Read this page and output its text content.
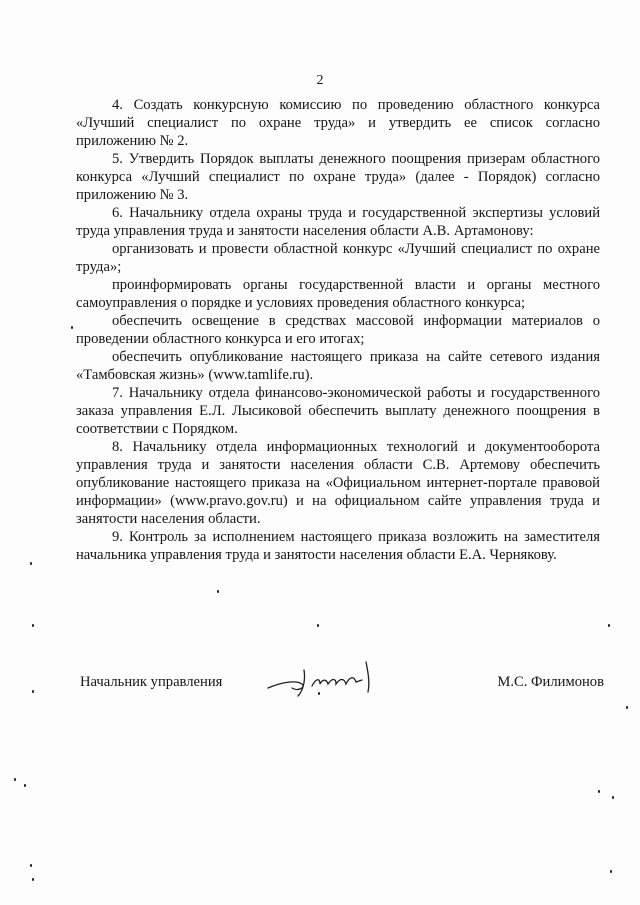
2

4. Создать конкурсную комиссию по проведению областного конкурса «Лучший специалист по охране труда» и утвердить ее список согласно приложению № 2.

5. Утвердить Порядок выплаты денежного поощрения призерам областного конкурса «Лучший специалист по охране труда» (далее - Порядок) согласно приложению № 3.

6. Начальнику отдела охраны труда и государственной экспертизы условий труда управления труда и занятости населения области А.В. Артамонову:

организовать и провести областной конкурс «Лучший специалист по охране труда»;

проинформировать органы государственной власти и органы местного самоуправления о порядке и условиях проведения областного конкурса;

обеспечить освещение в средствах массовой информации материалов о проведении областного конкурса и его итогах;

обеспечить опубликование настоящего приказа на сайте сетевого издания «Тамбовская жизнь» (www.tamlife.ru).

7. Начальнику отдела финансово-экономической работы и государственного заказа управления Е.Л. Лысиковой обеспечить выплату денежного поощрения в соответствии с Порядком.

8. Начальнику отдела информационных технологий и документооборота управления труда и занятости населения области С.В. Артемову обеспечить опубликование настоящего приказа на «Официальном интернет-портале правовой информации» (www.pravo.gov.ru) и на официальном сайте управления труда и занятости населения области.

9. Контроль за исполнением настоящего приказа возложить на заместителя начальника управления труда и занятости населения области Е.А. Чернякову.

Начальник управления	М.С. Филимонов
